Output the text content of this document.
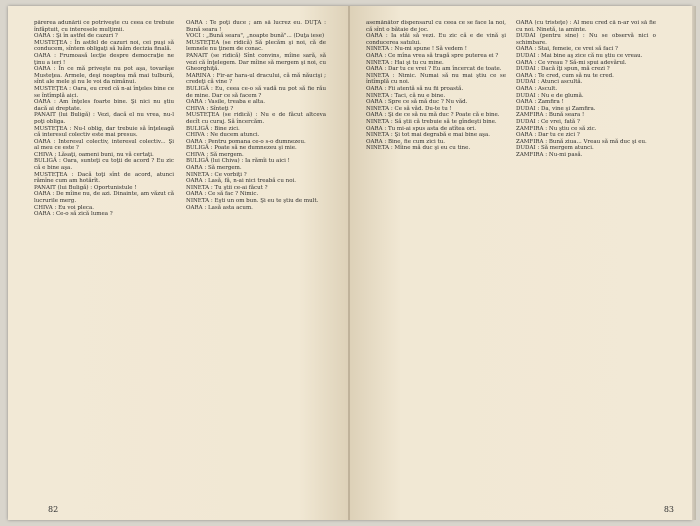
părerea adunării ce potriveşte cu ceea ce trebuie înfăptuit, cu interesele mulţimii.

OARA : Şi în astfel de cazuri ?

MUSTEŢEA : În astfel de cazuri noi, cei puşi să conducem, sîntem obligaţi să luăm decizia finală.

OARA : Frumoasă lecţie despre democraţie ne ţinu a ieri !

OARA : În ce mă priveşte nu pot aşa, tovarăşe Musteţea. Armele, deşi noaptea mă mai tulbură, sînt ale mele şi nu le voi da nimănui.

MUSTEŢEA : Oara, eu cred că n-ai înţeles bine ce se întîmplă aici.

OARA : Am înţeles foarte bine. Şi nici nu ştiu dacă ai dreptate.

PANAIT (lui Buligă) : Vezi, dacă el nu vrea, nu-l poţi obliga.

MUSTEŢEA : Nu-l oblig, dar trebuie să înţeleagă că interesul colectiv este mai presus.

OARA : Interesul colectiv, interesul colectiv... Şi al meu ce este ?

CHIVA : Lăsaţi, oameni buni, nu vă certaţi.

BULIGĂ : Oara, sunteţi cu toţii de acord ? Eu zic că e bine aşa.

MUSTEŢEA : Dacă toţi sînt de acord, atunci rămîne cum am hotărît.

PANAIT (lui Buligă) : Oportunistule !

OARA : De mîine nu, de azi. Dinainte, am văzut că lucrurile merg.

CHIVA : Eu voi pleca.

OARA : Ce-o să zică lumea ?

OARA : Te poţi duce ; am să lucrez eu. DUŢA : Bună seara !

VOCI : „Bună seara", „noapte bună"... (Duţa iese)

MUSTEŢEA (se ridică) Să plecăm şi noi, că de lemnele nu ţinem de conac.

PANAIT (se ridică) Sînt convins, mîine sară, să vezi că înţelegem. Dar mîine să mergem şi noi, cu Gheorghiţă.

MARINA : Fir-ar hara-ul dracului, că mă năucişi ; credeţi că vine ?

BULIGĂ : Eu, ceea ce-o să vadă nu pot să fie rău de mine. Dar ce să facem ?

OARA : Vasile, treaba e alta.

CHIVA : Sînteţi ?

MUSTEŢEA (se ridică) : Nu e de făcut altceva decît cu curaj. Să încercăm.

BULIGĂ : Bine zici.

CHIVA : Ne ducem atunci.

OARA : Pentru pomana ce-o s-o dumnezeu.

BULIGĂ : Poate să ne dumnezeu şi mie.

CHIVA : Să mergem.

BULIGĂ (lui Chiva) : Ia rămîi tu aici !

OARA : Să mergem.

NINETA : Ce vorbiţi ?

OARA : Lasă, fă, n-ai nici treabă cu noi.

NINETA : Tu ştii ce-ai făcut ?

OARA : Ce să fac ? Nimic.

NINETA : Eşti un om bun. Şi eu te ştiu de mult.

OARA : Lasă asta acum.

82

asemănător dispensarul cu ceea ce se face la noi, că sînt o bătaie de joc.

OARA : Ia stăi să vezi. Eu zic că e de vină şi conducerea satului.

NINETA : Nu-mi spune ! Să vedem !

OARA : Ce mîna vrea să tragă spre puterea ei ?

NINETA : Hai şi tu cu mine.

OARA : Dar tu ce vrei ? Eu am încercat de toate.

NINETA : Nimic. Numai să nu mai ştiu ce se întîmplă cu noi.

OARA : Fii atentă să nu fii proastă.

NINETA : Taci, că nu e bine.

OARA : Spre ce să mă duc ? Nu văd.

NINETA : Ce să văd. Du-te tu !

OARA : Şi de ce să nu mă duc ? Poate că e bine.

NINETA : Să ştii că trebuie să te gîndeşti bine.

OARA : Tu mi-ai spus asta de atîtea ori.

NINETA : Şi tot mai degrabă e mai bine aşa.

OARA : Bine, fie cum zici tu.

NINETA : Mîine mă duc şi eu cu tine.

OARA (cu tristeţe) : Al meu cred că n-ar voi să fie cu noi. Ninetă, ia aminte.

DUDAI (pentru sine) : Nu se observă nici o schimbare.

OARA : Stai, femeie, ce vrei să faci ?

DUDAI : Mai bine aş zice că nu ştiu ce vreau.

OARA : Ce vreau ? Să-mi spui adevărul.

DUDAI : Dacă îţi spun, mă crezi ?

OARA : Te cred, cum să nu te cred.

DUDAI : Atunci ascultă.

OARA : Ascult.

DUDAI : Nu e de glumă.

OARA : Zamfira !

DUDAI : Da, vine şi Zamfira.

ZAMFIRA : Bună seara !

DUDAI : Ce vrei, fată ?

ZAMFIRA : Nu ştiu ce să zic.

OARA : Dar tu ce zici ?

ZAMFIRA : Bună ziua... Vreau să mă duc şi eu.

DUDAI : Să mergem atunci.

ZAMFIRA : Nu-mi pasă.

83
